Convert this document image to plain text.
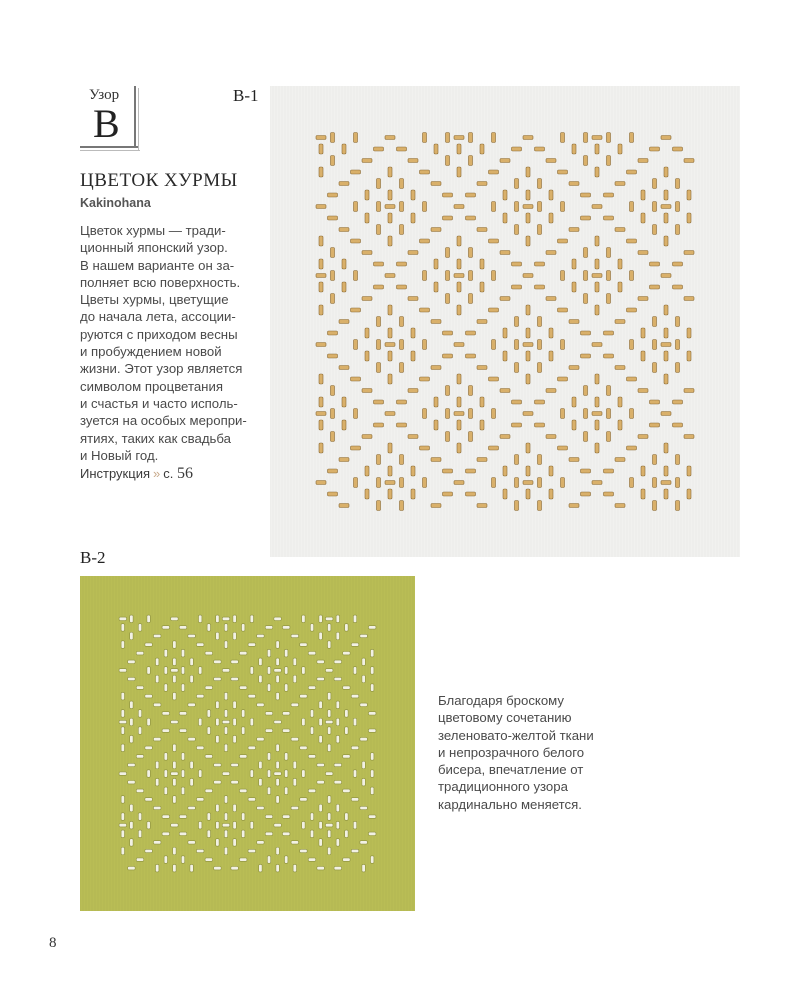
Узор
B
B-1
ЦВЕТОК ХУРМЫ
Kakinohana

Цветок хурмы — тради-

ционный японский узор.

В нашем варианте он за-

полняет всю поверхность.

Цветы хурмы, цветущие

до начала лета, ассоции-

руются с приходом весны

и пробуждением новой

жизни. Этот узор является

символом процветания

и счастья и часто исполь-

зуется на особых меропри-

ятиях, таких как свадьба

и Новый год.

Инструкция » с. 56
B-2

Благодаря броскому

цветовому сочетанию

зеленовато-желтой ткани

и непрозрачного белого

бисера, впечатление от

традиционного узора

кардинально меняется.

8
